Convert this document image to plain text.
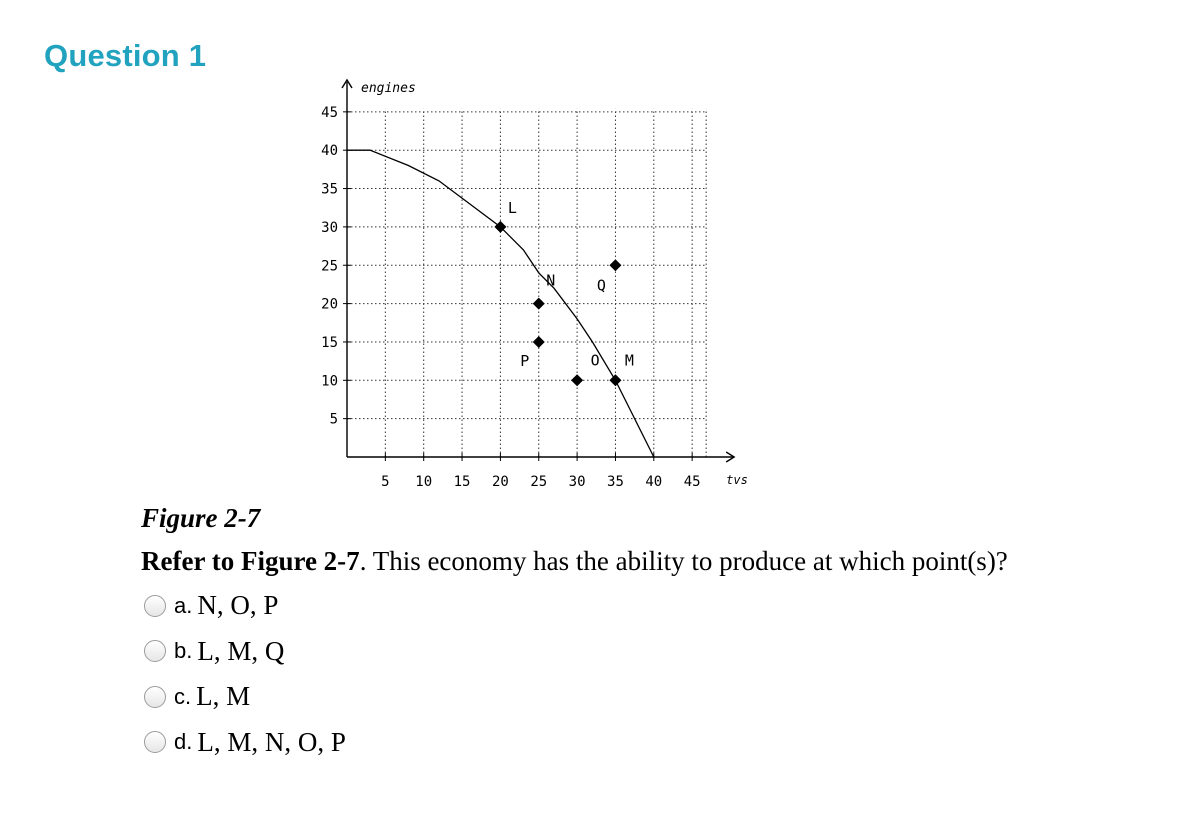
Question 1
5 10 15 20 25 30 35 40 45
5
10
15
20
25
30
35
40
45
engines
tvs
L
N
P
Q
O M
Figure 2-7
Refer to Figure 2-7. This economy has the ability to produce at which point(s)?
a. N, O, P
b. L, M, Q
c. L, M
d. L, M, N, O, P
